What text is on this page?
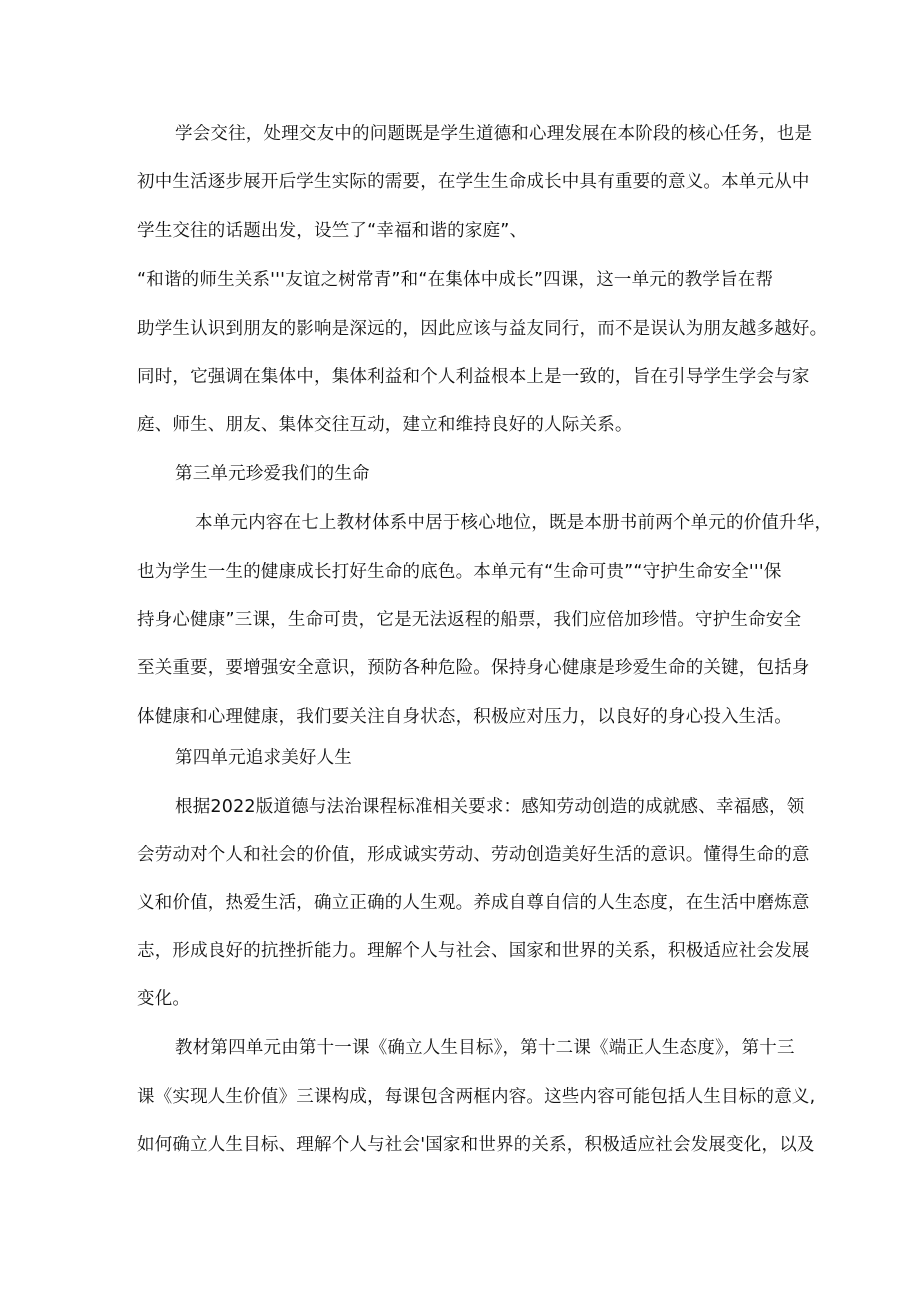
学会交往，处理交友中的问题既是学生道德和心理发展在本阶段的核心任务，也是

初中生活逐步展开后学生实际的需要，在学生生命成长中具有重要的意义。本单元从中

学生交往的话题出发，设竺了“幸福和谐的家庭”、

“和谐的师生关系'''友谊之树常青”和“在集体中成长”四课，这一单元的教学旨在帮

助学生认识到朋友的影响是深远的，因此应该与益友同行，而不是误认为朋友越多越好。

同时，它强调在集体中，集体利益和个人利益根本上是一致的，旨在引导学生学会与家

庭、师生、朋友、集体交往互动，建立和维持良好的人际关系。

第三单元珍爱我们的生命

本单元内容在七上教材体系中居于核心地位，既是本册书前两个单元的价值升华，

也为学生一生的健康成长打好生命的底色。本单元有“生命可贵”“守护生命安全'''保

持身心健康”三课，生命可贵，它是无法返程的船票，我们应倍加珍惜。守护生命安全

至关重要，要增强安全意识，预防各种危险。保持身心健康是珍爱生命的关键，包括身

体健康和心理健康，我们要关注自身状态，积极应对压力，以良好的身心投入生活。

第四单元追求美好人生

根据2022版道德与法治课程标准相关要求：感知劳动创造的成就感、幸福感，领

会劳动对个人和社会的价值，形成诚实劳动、劳动创造美好生活的意识。懂得生命的意

义和价值，热爱生活，确立正确的人生观。养成自尊自信的人生态度，在生活中磨炼意

志，形成良好的抗挫折能力。理解个人与社会、国家和世界的关系，积极适应社会发展

变化。

教材第四单元由第十一课《确立人生目标》，第十二课《端正人生态度》，第十三

课《实现人生价值》三课构成，每课包含两框内容。这些内容可能包括人生目标的意义,

如何确立人生目标、理解个人与社会'国家和世界的关系，积极适应社会发展变化，以及
